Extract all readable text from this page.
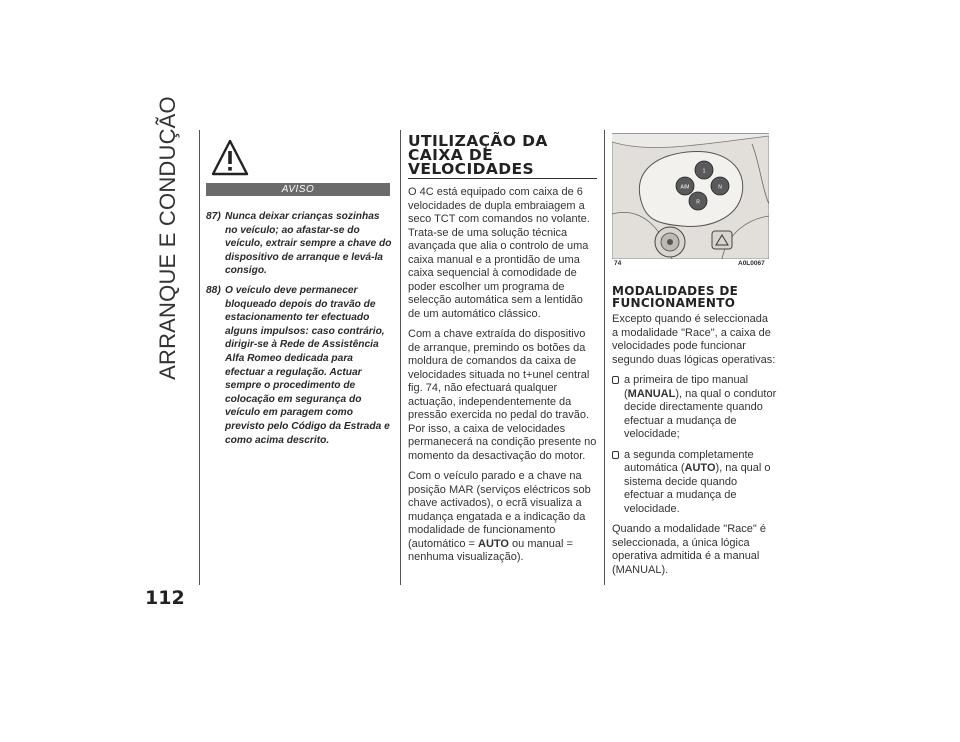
ARRANQUE E CONDUÇÃO	AVISO
87) Nunca deixar crianças sozinhas no veículo; ao afastar-se do veículo, extrair sempre a chave do dispositivo de arranque e levá-la consigo.
88) O veículo deve permanecer bloqueado depois do travão de estacionamento ter efectuado alguns impulsos: caso contrário, dirigir-se à Rede de Assistência Alfa Romeo dedicada para efectuar a regulação. Actuar sempre o procedimento de colocação em segurança do veículo em paragem como previsto pelo Código da Estrada e como acima descrito.
UTILIZAÇÃO DA CAIXA DE VELOCIDADES

O 4C está equipado com caixa de 6 velocidades de dupla embraiagem a seco TCT com comandos no volante. Trata-se de uma solução técnica avançada que alia o controlo de uma caixa manual e a prontidão de uma caixa sequencial à comodidade de poder escolher um programa de selecção automática sem a lentidão de um automático clássico.

Com a chave extraída do dispositivo de arranque, premindo os botões da moldura de comandos da caixa de velocidades situada no t+unel central fig. 74, não efectuará qualquer actuação, independentemente da pressão exercida no pedal do travão. Por isso, a caixa de velocidades permanecerá na condição presente no momento da desactivação do motor.

Com o veículo parado e a chave na posição MAR (serviços eléctricos sob chave activados), o ecrã visualiza a mudança engatada e a indicação da modalidade de funcionamento (automático = AUTO ou manual = nenhuma visualização).

1
A/M	N
R
74	A0L0067
MODALIDADES DE FUNCIONAMENTO

Excepto quando é seleccionada a modalidade "Race", a caixa de velocidades pode funcionar segundo duas lógicas operativas:

a primeira de tipo manual (MANUAL), na qual o condutor decide directamente quando efectuar a mudança de velocidade;

a segunda completamente automática (AUTO), na qual o sistema decide quando efectuar a mudança de velocidade.

Quando a modalidade "Race" é seleccionada, a única lógica operativa admitida é a manual (MANUAL).

112
